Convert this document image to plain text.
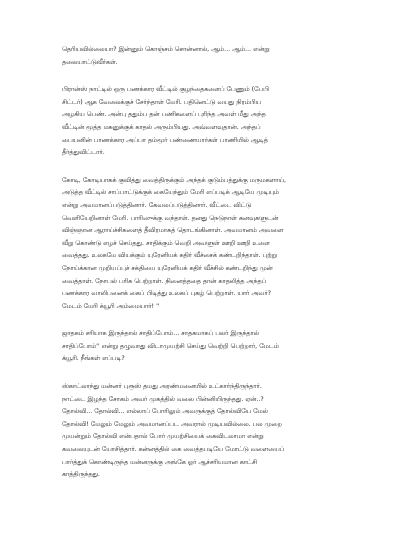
தெரியவில்லையா? இன்னும் கொஞ்சம் சொன்னால், ஆம்... ஆம்... என்று
தலையாட்டுவீர்கள்.
பிரான்ஸ் நாட்டில் ஒரு பணக்கார வீட்டில் குழந்தைகளைப் பேணும் (பேபி
சிட்டர்) ஆக வேலைக்குச் சேர்ந்தாள் மேரி. பதினெட்டு வயது நிரம்பிய
அழகிய பெண். அன்பு ததும்ப தன் பணிகளைப் புரிந்த அவள் மீது அந்த
வீட்டின் மூத்த மகனுக்குக் காதல் அரும்பியது. அவ்வளவுதான். அந்தப்
பையனின் பாணக்கார அப்பா தம்மூர் பண்ணையார்கள் பாணியில் ஆடித்
தீர்த்துவிட்டார்.
கோடி, கோடியாகக் குவித்து வைத்திருக்கும் அந்தக் குடும்பத்துக்கு மருமகளாய்,
அடுத்த வீட்டில் சாப்பாட்டுக்குக் கையேந்தும் மேரி எப்படிக் ஆடியே முடியும்
என்று அவமானப்படுத்தினார். கேவலப்படுத்தினார். வீட்டை விட்டு
வெளியேறினாள் மேரி. பாரிஸுக்கு வந்தாள். தனது நெடுநாள் கனவுகளுடன்
விஞ்ஞான ஆராய்ச்சிகளைத் தீவிரமாகத் தொடங்கினாள். அவமானம் அவளை
வீறு கொண்டு எழச் செய்தது. சாதிக்கும் வெறி அவளுள் ஊறி ஊறி உளை
வைத்தது. உலகமே வியக்கும் யுரேனியக் கதிர் வீச்சைக் கண்டறிந்தாள். புற்று
நோய்க்கான முறியப்புச் சக்தியை யுரேனியக் கதிர் வீச்சில் கண்டறிந்து முன்
வைத்தாள். நோபல் பரிசு பெற்றாள். நினைத்ததை தான் காதலித்த அந்தப்
பணக்கார வாலிபனைக் கைப் பிடித்து உலகப் புகழ் பெற்றாள். யார் அவர்?
மேடம் மேரி க்யூரி அம்மையார்! ''
ஜாதகம் சரியாக இருந்தால் சாதிப்போம்... சாதகமாகப் பலர் இருந்தால்
சாதிப்போம்'' என்று தழுவாது விடாமுயற்சி செய்து வெற்றி பெற்றார், மேடம்
க்யூரி. நீங்கள் எப்படி?
ஸ்காட்லாந்து மன்னர் புரூஸ் தமது அரண்மனையில் உட்கார்ந்திருந்தார்.
நாட்டை இழந்த சோகம் அவர் முகத்தில் வலை பின்னியிருந்தது. ஏன்..?
தோல்வி... தோல்வி... எல்லாப் போரிலும் அவருக்குத் தோல்வியே மேல்
தோல்வி! மேலும் மேலும் அவமானப்பட அவரால் முடியவில்லை. பல முறை
முயன்றும் தோல்வி என்பதால் போர் முயற்சியைக் கைவிடலாமா என்று
கவலையுடன் யோசித்தார். கன்னத்தில் கை வைத்தபடியே மோட்டு வளையைப்
பார்த்துக் கொண்டிருந்த மன்னருக்கு அங்கே ஓர் ஆச்சரியமான காட்சி
காத்திருந்தது.
